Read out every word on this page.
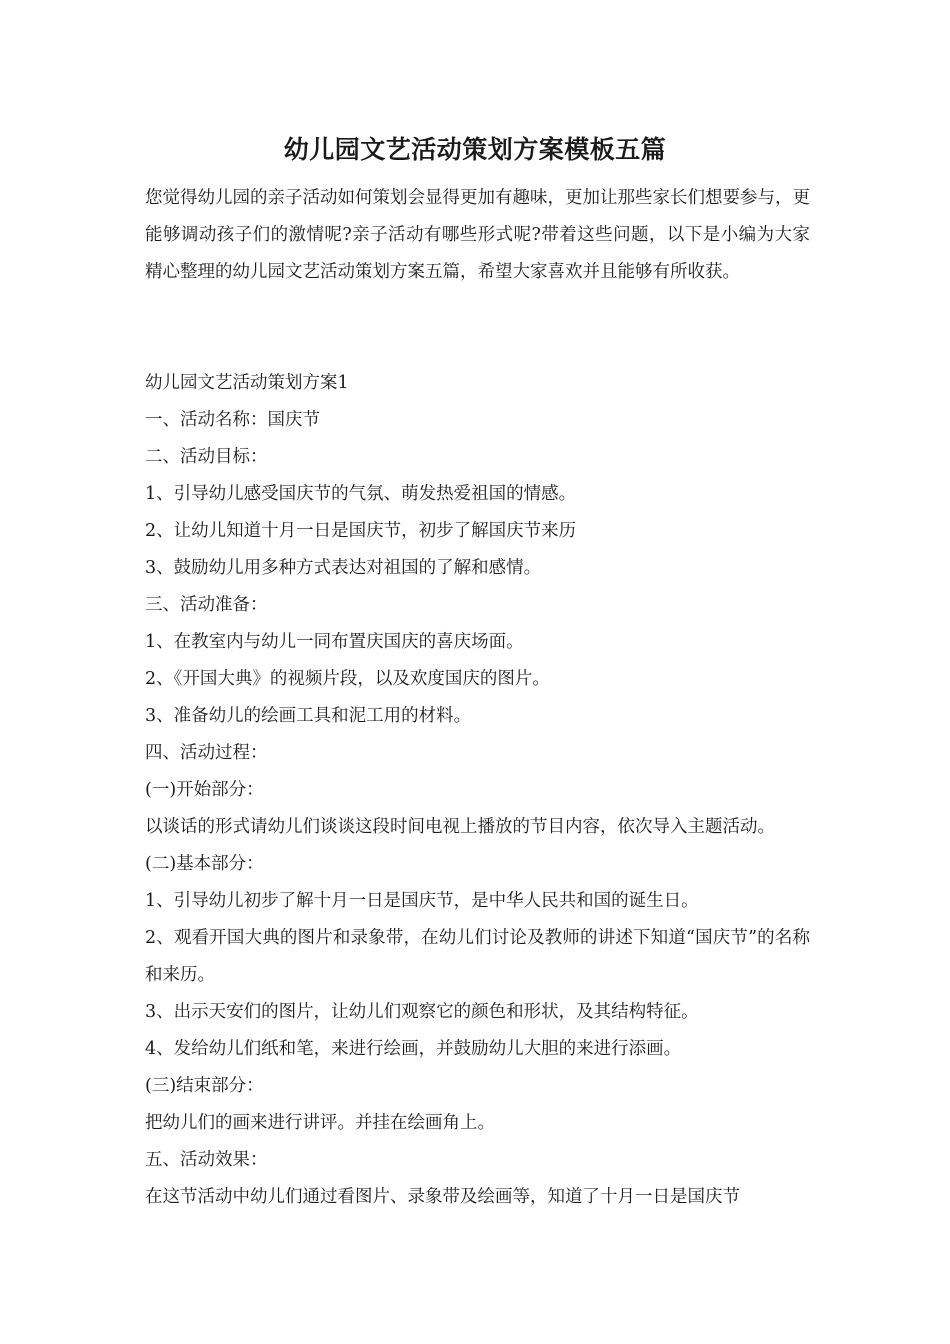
幼儿园文艺活动策划方案模板五篇

您觉得幼儿园的亲子活动如何策划会显得更加有趣味，更加让那些家长们想要参与，更能够调动孩子们的激情呢?亲子活动有哪些形式呢?带着这些问题，以下是小编为大家精心整理的幼儿园文艺活动策划方案五篇，希望大家喜欢并且能够有所收获。

幼儿园文艺活动策划方案1
一、活动名称：国庆节
二、活动目标：
1、引导幼儿感受国庆节的气氛、萌发热爱祖国的情感。
2、让幼儿知道十月一日是国庆节，初步了解国庆节来历
3、鼓励幼儿用多种方式表达对祖国的了解和感情。
三、活动准备：
1、在教室内与幼儿一同布置庆国庆的喜庆场面。
2、《开国大典》的视频片段，以及欢度国庆的图片。
3、准备幼儿的绘画工具和泥工用的材料。
四、活动过程：
(一)开始部分：
以谈话的形式请幼儿们谈谈这段时间电视上播放的节目内容，依次导入主题活动。
(二)基本部分：
1、引导幼儿初步了解十月一日是国庆节，是中华人民共和国的诞生日。
2、观看开国大典的图片和录象带，在幼儿们讨论及教师的讲述下知道“国庆节”的名称和来历。
3、出示天安们的图片，让幼儿们观察它的颜色和形状，及其结构特征。
4、发给幼儿们纸和笔，来进行绘画，并鼓励幼儿大胆的来进行添画。
(三)结束部分：
把幼儿们的画来进行讲评。并挂在绘画角上。
五、活动效果：
在这节活动中幼儿们通过看图片、录象带及绘画等，知道了十月一日是国庆节
